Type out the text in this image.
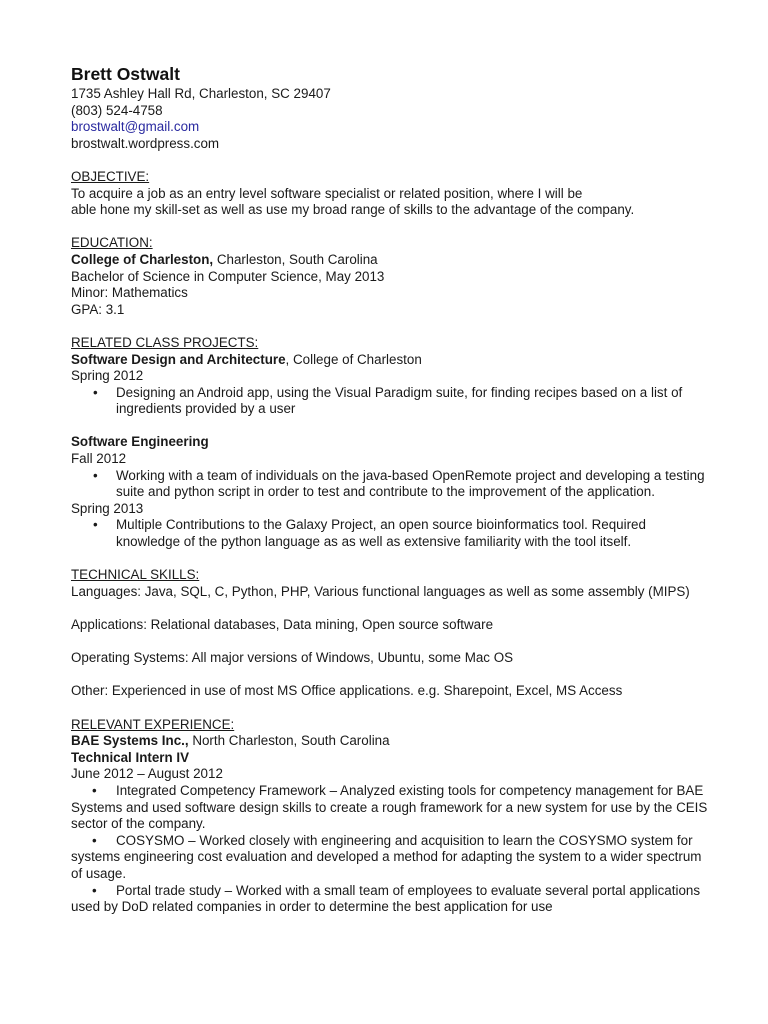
Brett Ostwalt
1735 Ashley Hall Rd, Charleston, SC 29407
(803) 524-4758
brostwalt@gmail.com
brostwalt.wordpress.com
OBJECTIVE:
To acquire a job as an entry level software specialist or related position, where I will be
able hone my skill-set as well as use my broad range of skills to the advantage of the company.
EDUCATION:
College of Charleston, Charleston, South Carolina
Bachelor of Science in Computer Science, May 2013
Minor: Mathematics
GPA: 3.1
RELATED CLASS PROJECTS:
Software Design and Architecture, College of Charleston
Spring 2012
• Designing an Android app, using the Visual Paradigm suite, for finding recipes based on a list of ingredients provided by a user
Software Engineering
Fall 2012
• Working with a team of individuals on the java-based OpenRemote project and developing a testing suite and python script in order to test and contribute to the improvement of the application.
Spring 2013
• Multiple Contributions to the Galaxy Project, an open source bioinformatics tool. Required knowledge of the python language as as well as extensive familiarity with the tool itself.
TECHNICAL SKILLS:
Languages: Java, SQL, C, Python, PHP, Various functional languages as well as some assembly (MIPS)
Applications: Relational databases, Data mining, Open source software
Operating Systems: All major versions of Windows, Ubuntu, some Mac OS
Other: Experienced in use of most MS Office applications. e.g. Sharepoint, Excel, MS Access
RELEVANT EXPERIENCE:
BAE Systems Inc., North Charleston, South Carolina
Technical Intern IV
June 2012 – August 2012

• Integrated Competency Framework – Analyzed existing tools for competency management for BAE Systems and used software design skills to create a rough framework for a new system for use by the CEIS sector of the company.

• COSYSMO – Worked closely with engineering and acquisition to learn the COSYSMO system for systems engineering cost evaluation and developed a method for adapting the system to a wider spectrum of usage.

• Portal trade study – Worked with a small team of employees to evaluate several portal applications used by DoD related companies in order to determine the best application for use
